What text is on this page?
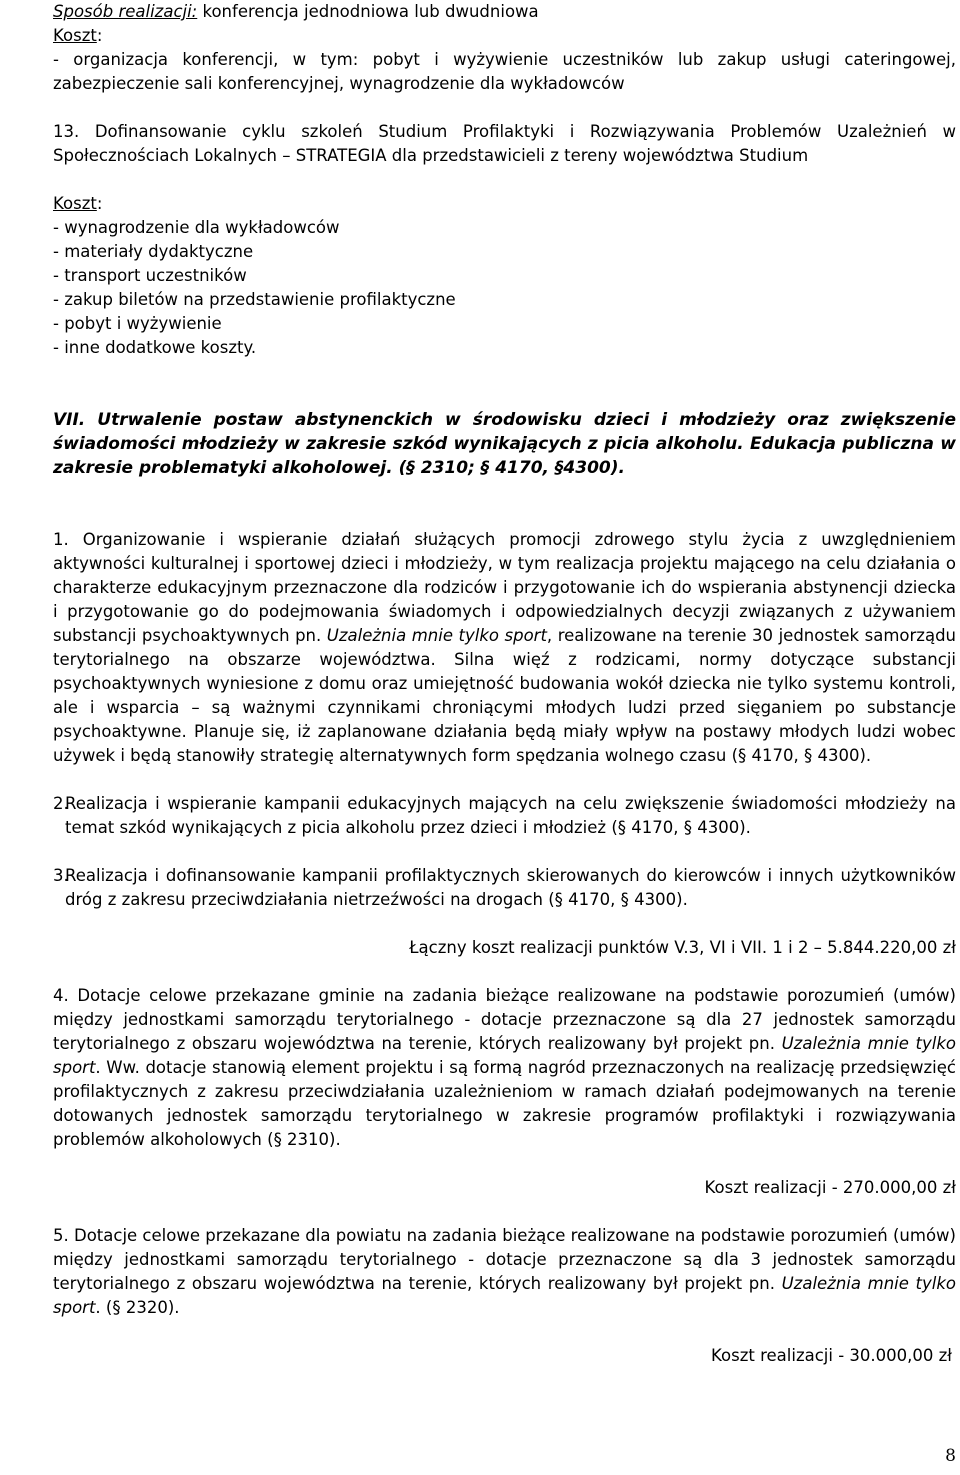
Sposób realizacji: konferencja jednodniowa lub dwudniowa

Koszt:

- organizacja konferencji, w tym: pobyt i wyżywienie uczestników lub zakup usługi cateringowej, zabezpieczenie sali konferencyjnej, wynagrodzenie dla wykładowców

13. Dofinansowanie cyklu szkoleń Studium Profilaktyki i Rozwiązywania Problemów Uzależnień w Społecznościach Lokalnych – STRATEGIA dla przedstawicieli z tereny województwa Studium

Koszt:

- wynagrodzenie dla wykładowców

- materiały dydaktyczne

- transport uczestników

- zakup biletów na przedstawienie profilaktyczne

- pobyt i wyżywienie

- inne dodatkowe koszty.

VII. Utrwalenie postaw abstynenckich w środowisku dzieci i młodzieży oraz zwiększenie świadomości młodzieży w zakresie szkód wynikających z picia alkoholu. Edukacja publiczna w zakresie problematyki alkoholowej. (§ 2310; § 4170, §4300).

1. Organizowanie i wspieranie działań służących promocji zdrowego stylu życia z uwzględnieniem aktywności kulturalnej i sportowej dzieci i młodzieży, w tym realizacja projektu mającego na celu działania o charakterze edukacyjnym przeznaczone dla rodziców i przygotowanie ich do wspierania abstynencji dziecka i przygotowanie go do podejmowania świadomych i odpowiedzialnych decyzji związanych z używaniem substancji psychoaktywnych pn. Uzależnia mnie tylko sport, realizowane na terenie 30 jednostek samorządu terytorialnego na obszarze województwa. Silna więź z rodzicami, normy dotyczące substancji psychoaktywnych wyniesione z domu oraz umiejętność budowania wokół dziecka nie tylko systemu kontroli, ale i wsparcia – są ważnymi czynnikami chroniącymi młodych ludzi przed sięganiem po substancje psychoaktywne. Planuje się, iż zaplanowane działania będą miały wpływ na postawy młodych ludzi wobec używek i będą stanowiły strategię alternatywnych form spędzania wolnego czasu (§ 4170, § 4300).

2.
Realizacja i wspieranie kampanii edukacyjnych mających na celu zwiększenie świadomości młodzieży na temat szkód wynikających z picia alkoholu przez dzieci i młodzież (§ 4170, § 4300).
3.
Realizacja i dofinansowanie kampanii profilaktycznych skierowanych do kierowców i innych użytkowników dróg z zakresu przeciwdziałania nietrzeźwości na drogach (§ 4170, § 4300).

Łączny koszt realizacji punktów V.3, VI i VII. 1 i 2 – 5.844.220,00 zł

4. Dotacje celowe przekazane gminie na zadania bieżące realizowane na podstawie porozumień (umów) między jednostkami samorządu terytorialnego - dotacje przeznaczone są dla 27 jednostek samorządu terytorialnego z obszaru województwa na terenie, których realizowany był projekt pn. Uzależnia mnie tylko sport. Ww. dotacje stanowią element projektu i są formą nagród przeznaczonych na realizację przedsięwzięć profilaktycznych z zakresu przeciwdziałania uzależnieniom w ramach działań podejmowanych na terenie dotowanych jednostek samorządu terytorialnego w zakresie programów profilaktyki i rozwiązywania problemów alkoholowych (§ 2310).

Koszt realizacji - 270.000,00 zł

5. Dotacje celowe przekazane dla powiatu na zadania bieżące realizowane na podstawie porozumień (umów) między jednostkami samorządu terytorialnego - dotacje przeznaczone są dla 3 jednostek samorządu terytorialnego z obszaru województwa na terenie, których realizowany był projekt pn. Uzależnia mnie tylko sport. (§ 2320).

Koszt realizacji - 30.000,00 zł

8
